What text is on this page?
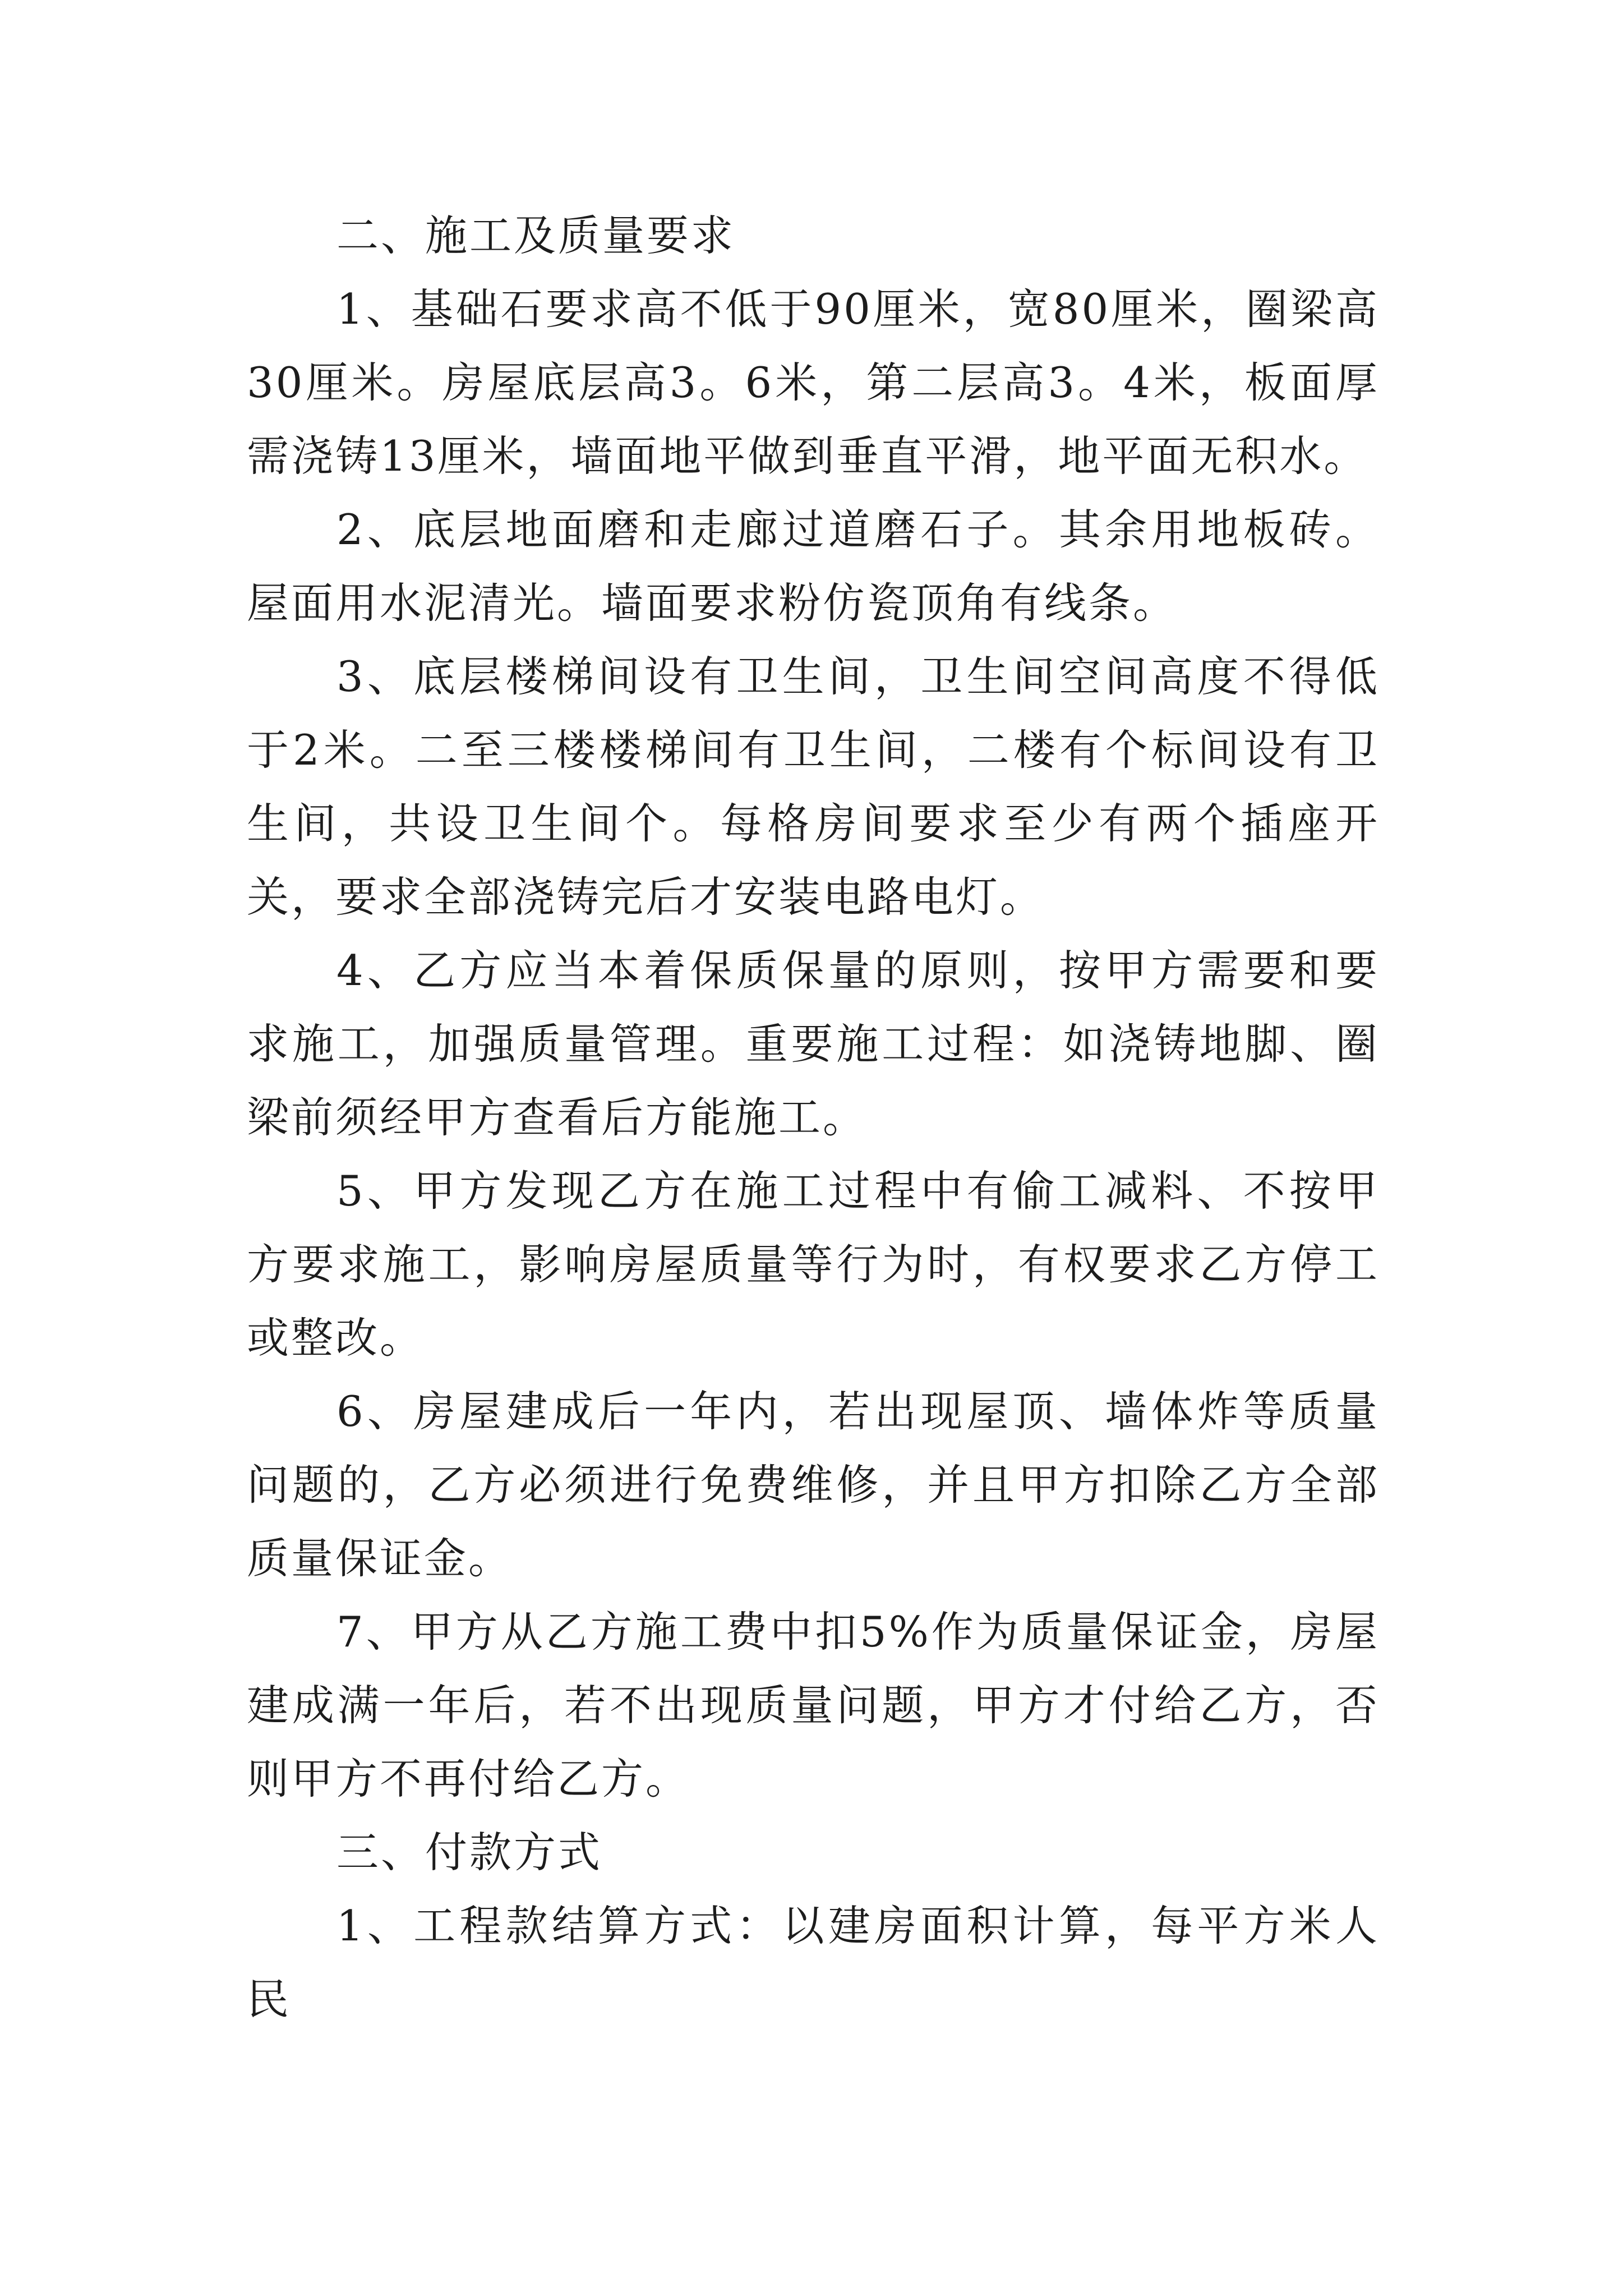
二、施工及质量要求

1、基础石要求高不低于90厘米，宽80厘米，圈梁高30厘米。房屋底层高3。6米，第二层高3。4米，板面厚需浇铸13厘米，墙面地平做到垂直平滑，地平面无积水。

2、底层地面磨和走廊过道磨石子。其余用地板砖。屋面用水泥清光。墙面要求粉仿瓷顶角有线条。

3、底层楼梯间设有卫生间，卫生间空间高度不得低于2米。二至三楼楼梯间有卫生间，二楼有个标间设有卫生间，共设卫生间个。每格房间要求至少有两个插座开关，要求全部浇铸完后才安装电路电灯。

4、乙方应当本着保质保量的原则，按甲方需要和要求施工，加强质量管理。重要施工过程：如浇铸地脚、圈梁前须经甲方查看后方能施工。

5、甲方发现乙方在施工过程中有偷工减料、不按甲方要求施工，影响房屋质量等行为时，有权要求乙方停工或整改。

6、房屋建成后一年内，若出现屋顶、墙体炸等质量问题的，乙方必须进行免费维修，并且甲方扣除乙方全部质量保证金。

7、甲方从乙方施工费中扣5%作为质量保证金，房屋建成满一年后，若不出现质量问题，甲方才付给乙方，否则甲方不再付给乙方。

三、付款方式

1、工程款结算方式：以建房面积计算，每平方米人民
